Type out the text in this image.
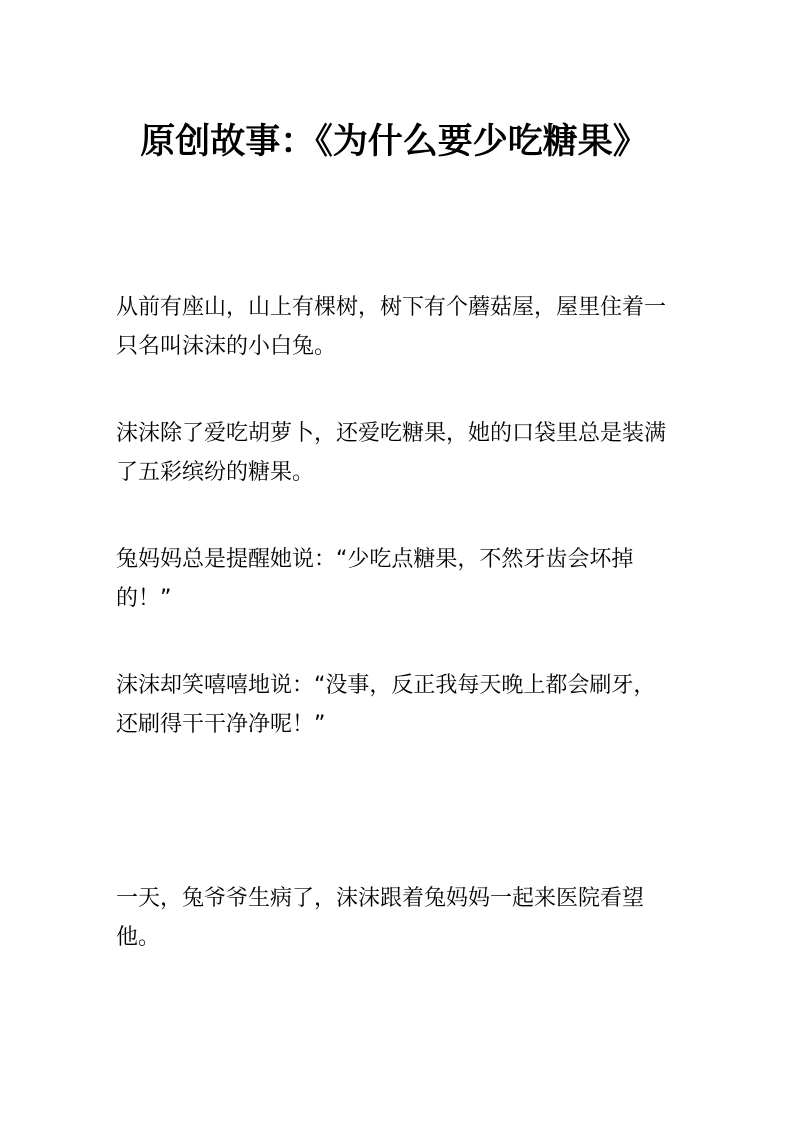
原创故事：《为什么要少吃糖果》

从前有座山，山上有棵树，树下有个蘑菇屋，屋里住着一只名叫沫沫的小白兔。

沫沫除了爱吃胡萝卜，还爱吃糖果，她的口袋里总是装满了五彩缤纷的糖果。

兔妈妈总是提醒她说：“少吃点糖果，不然牙齿会坏掉的！”

沫沫却笑嘻嘻地说：“没事，反正我每天晚上都会刷牙，还刷得干干净净呢！”

一天，兔爷爷生病了，沫沫跟着兔妈妈一起来医院看望他。
